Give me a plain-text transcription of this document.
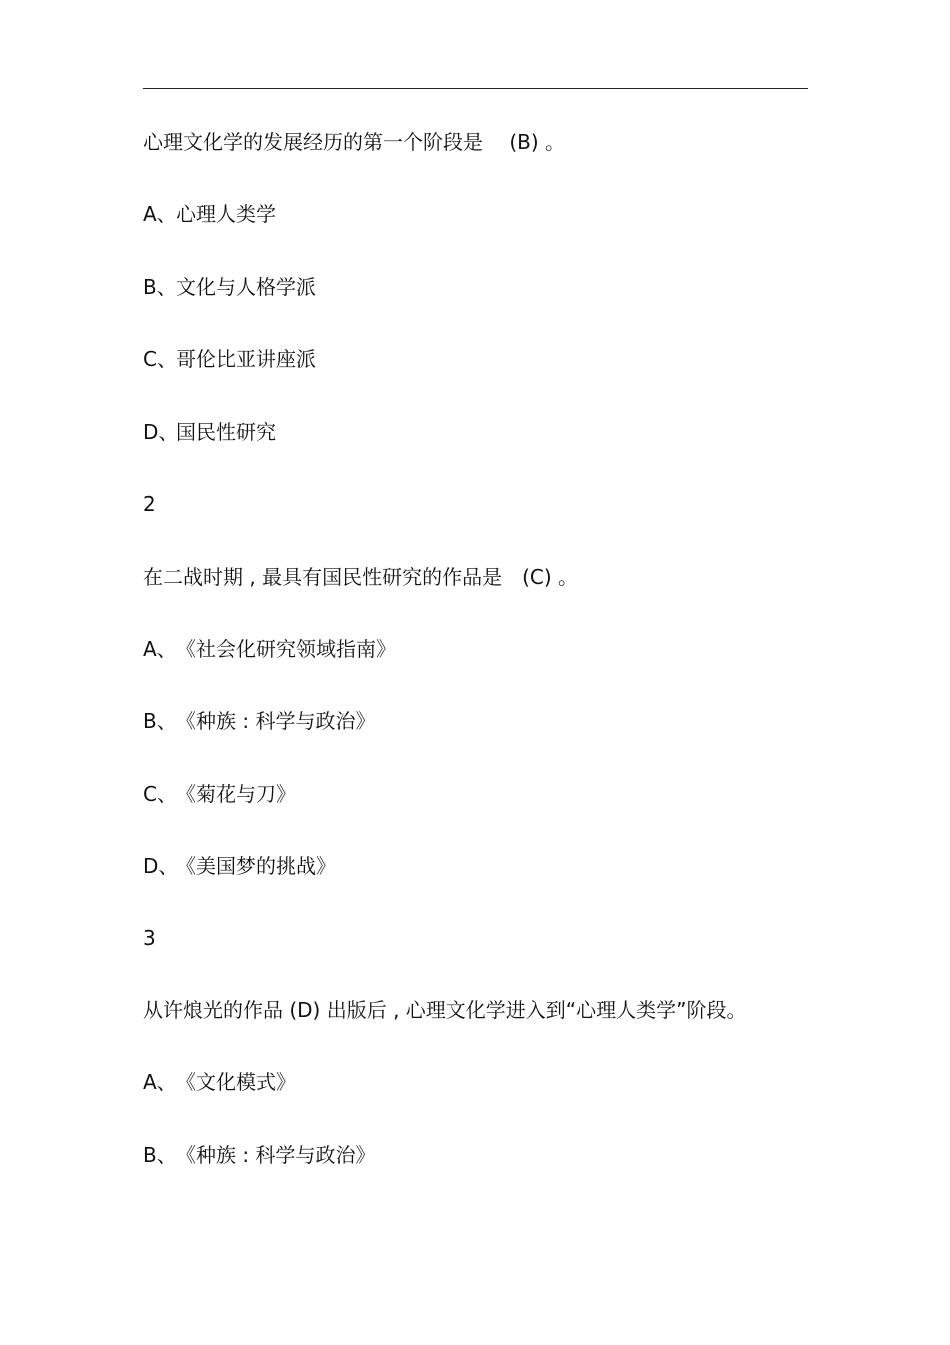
心理文化学的发展经历的第一个阶段是　 (B) 。
A、心理人类学
B、文化与人格学派
C、哥伦比亚讲座派
D、国民性研究
2
在二战时期 , 最具有国民性研究的作品是　(C) 。
A、《社会化研究领域指南》
B、《种族 : 科学与政治》
C、《菊花与刀》
D、《美国梦的挑战》
3
从许烺光的作品 (D) 出版后 , 心理文化学进入到“心理人类学”阶段。
A、《文化模式》
B、《种族 : 科学与政治》
